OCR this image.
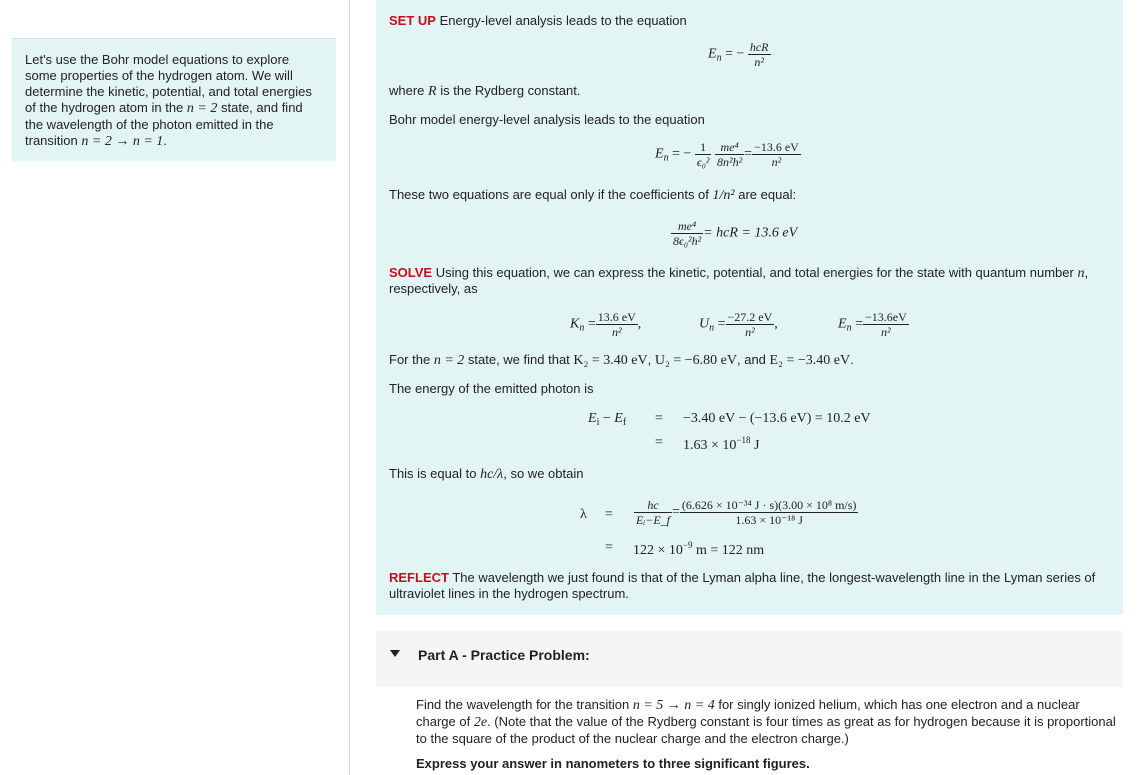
Let's use the Bohr model equations to explore some properties of the hydrogen atom. We will determine the kinetic, potential, and total energies of the hydrogen atom in the n = 2 state, and find the wavelength of the photon emitted in the transition n = 2 → n = 1.
SET UP Energy-level analysis leads to the equation
$E_n$ = − $\frac{\text{hcR}}{\text{n²}}$
where R is the Rydberg constant.
Bohr model energy-level analysis leads to the equation
$E_n$ = − $\frac{1}{\text{ϵ₀²}}$
$\frac{\text{me⁴}}{\text{8n²h²}} = \frac{-13.6 eV}{\text{n²}}$
These two equations are equal only if the coefficients of 1/n² are equal:
$\frac{\text{me⁴}}{\text{8ϵ₀²h²}}$ = hcR = 13.6 eV
SOLVE Using this equation, we can express the kinetic, potential, and total energies for the state with quantum number n,
respectively, as
$K_n = \frac{13.6 eV}{\text{n²}}$ ,	$U_n = \frac{-27.2 eV}{\text{n²}}$ ,	$E_n = \frac{-13.6eV}{\text{n²}}$
For the n = 2 state, we find that K₂ = 3.40 eV, U₂ = −6.80 eV, and E₂ = −3.40 eV.
The energy of the emitted photon is
$E_i - E_f = -3.40$ eV − (−13.6 eV) = 10.2 eV
= $1.63 \times 10^{-18}$ J
This is equal to hc/λ, so we obtain
$\lambda = \frac{hc}{\text{Eᵢ−E\_f}} = \frac{\text{(6.626 × 10⁻³⁴ J · s)(3.00 × 10⁸ m/s)}}{\text{1.63 × 10⁻¹⁸ J}}$
= $122 \times 10^{-9}$ m = 122 nm
REFLECT The wavelength we just found is that of the Lyman alpha line, the longest-wavelength line in the Lyman series of ultraviolet lines in the hydrogen spectrum.
Part A - Practice Problem:
Find the wavelength for the transition n = 5 → n = 4 for singly ionized helium, which has one electron and a nuclear charge of 2e. (Note that the value of the Rydberg constant is four times as great as for hydrogen because it is proportional to the square of the product of the nuclear charge and the electron charge.)
Express your answer in nanometers to three significant figures.
